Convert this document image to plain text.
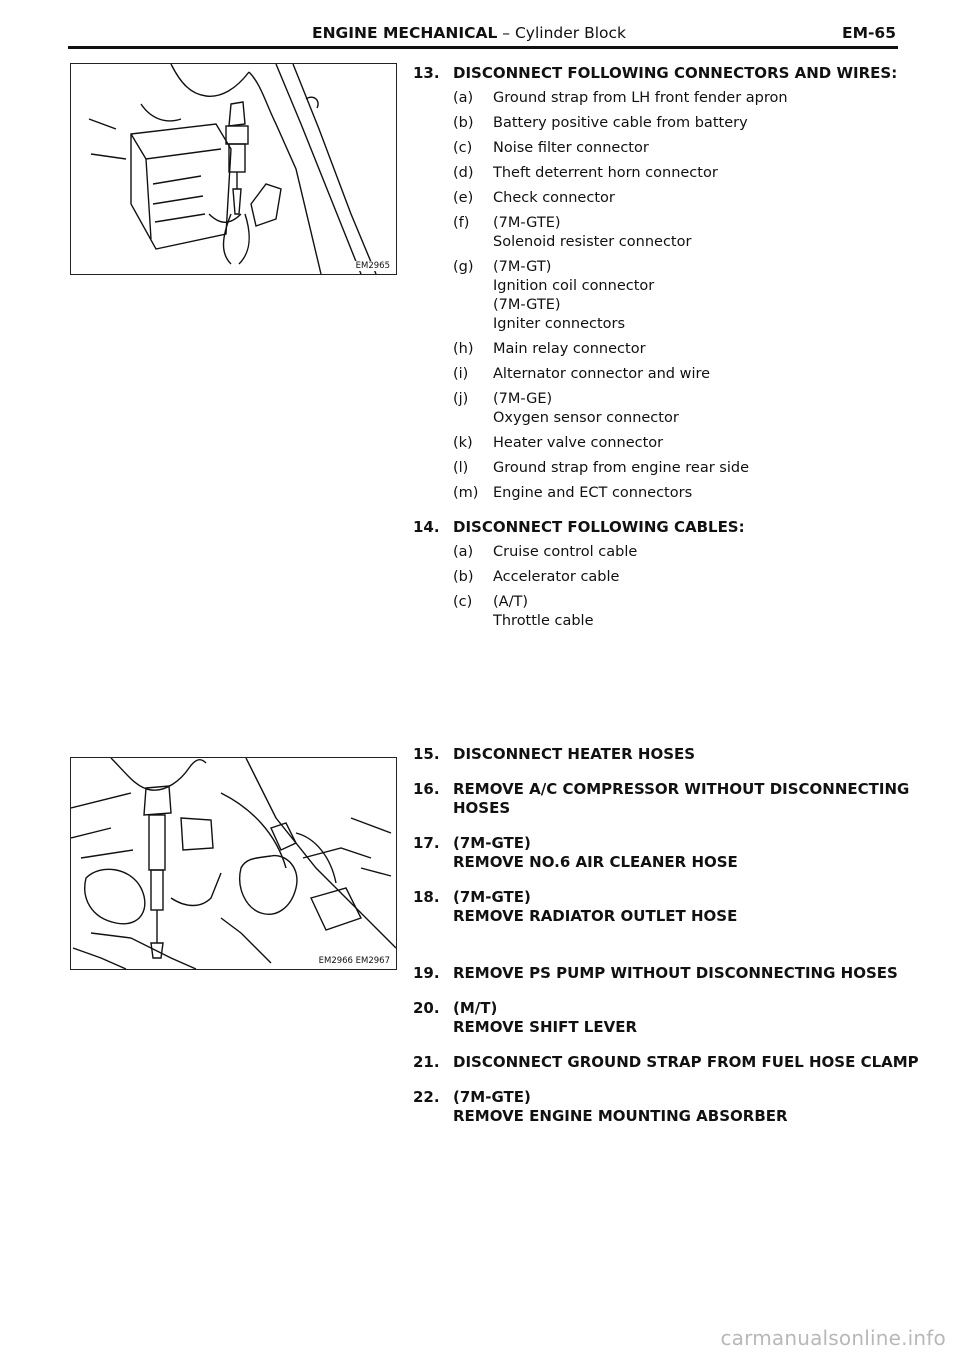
ENGINE MECHANICAL – Cylinder Block	EM-65
EM2965
EM2966 EM2967
13. DISCONNECT FOLLOWING CONNECTORS AND WIRES:
(a)	Ground strap from LH front fender apron
(b)	Battery positive cable from battery
(c)	Noise filter connector
(d)	Theft deterrent horn connector
(e)	Check connector
(f)	(7M-GTE)
Solenoid resister connector
(g)	(7M-GT)
Ignition coil connector
(7M-GTE)
Igniter connectors
(h)	Main relay connector
(i)	Alternator connector and wire
(j)	(7M-GE)
Oxygen sensor connector
(k)	Heater valve connector
(l)	Ground strap from engine rear side
(m)	Engine and ECT connectors
14. DISCONNECT FOLLOWING CABLES:
(a)	Cruise control cable
(b)	Accelerator cable
(c)	(A/T)
Throttle cable
15. DISCONNECT HEATER HOSES
16. REMOVE A/C COMPRESSOR WITHOUT DISCONNECTING
HOSES
17. (7M-GTE)
REMOVE NO.6 AIR CLEANER HOSE
18. (7M-GTE)
REMOVE RADIATOR OUTLET HOSE
19. REMOVE PS PUMP WITHOUT DISCONNECTING HOSES
20. (M/T)
REMOVE SHIFT LEVER
21. DISCONNECT GROUND STRAP FROM FUEL HOSE CLAMP
22. (7M-GTE)
REMOVE ENGINE MOUNTING ABSORBER
carmanualsonline.info
